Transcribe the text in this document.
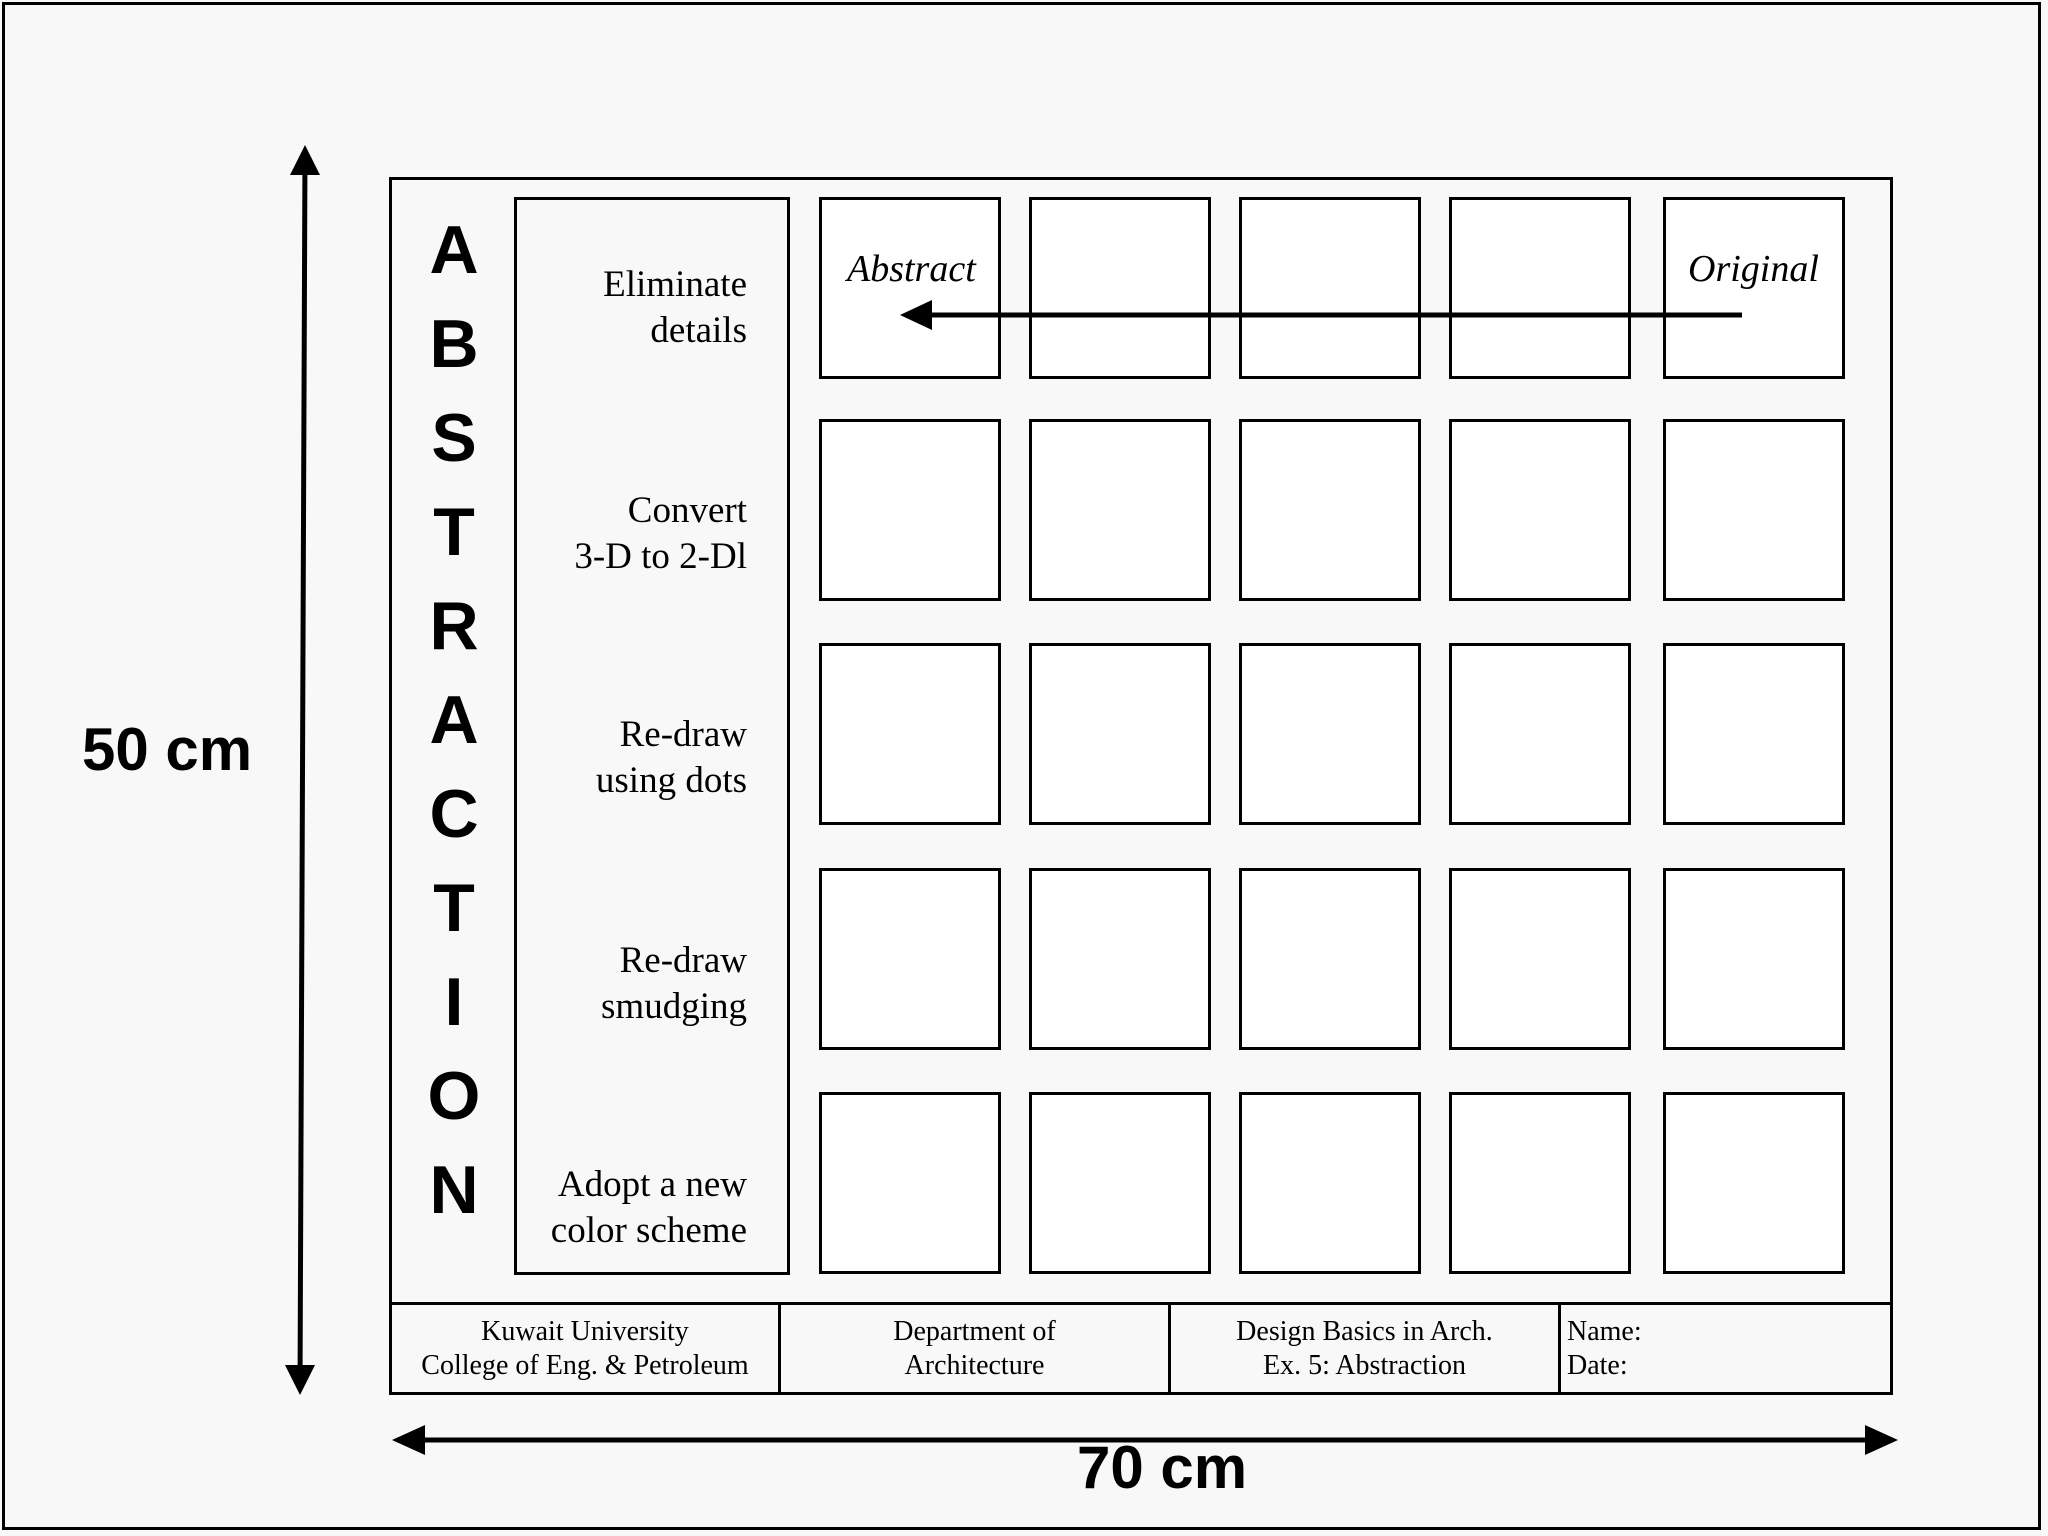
50 cm
70 cm
A
B
S
T
R
A
C
T
I
O
N
Eliminate
details
Convert
3-D to 2-Dl
Re-draw
using dots
Re-draw
smudging
Adopt a new
color scheme
Abstract	Original
Kuwait University
College of Eng. & Petroleum
Department of
Architecture
Design Basics in Arch.
Ex. 5: Abstraction
Name:
Date:
